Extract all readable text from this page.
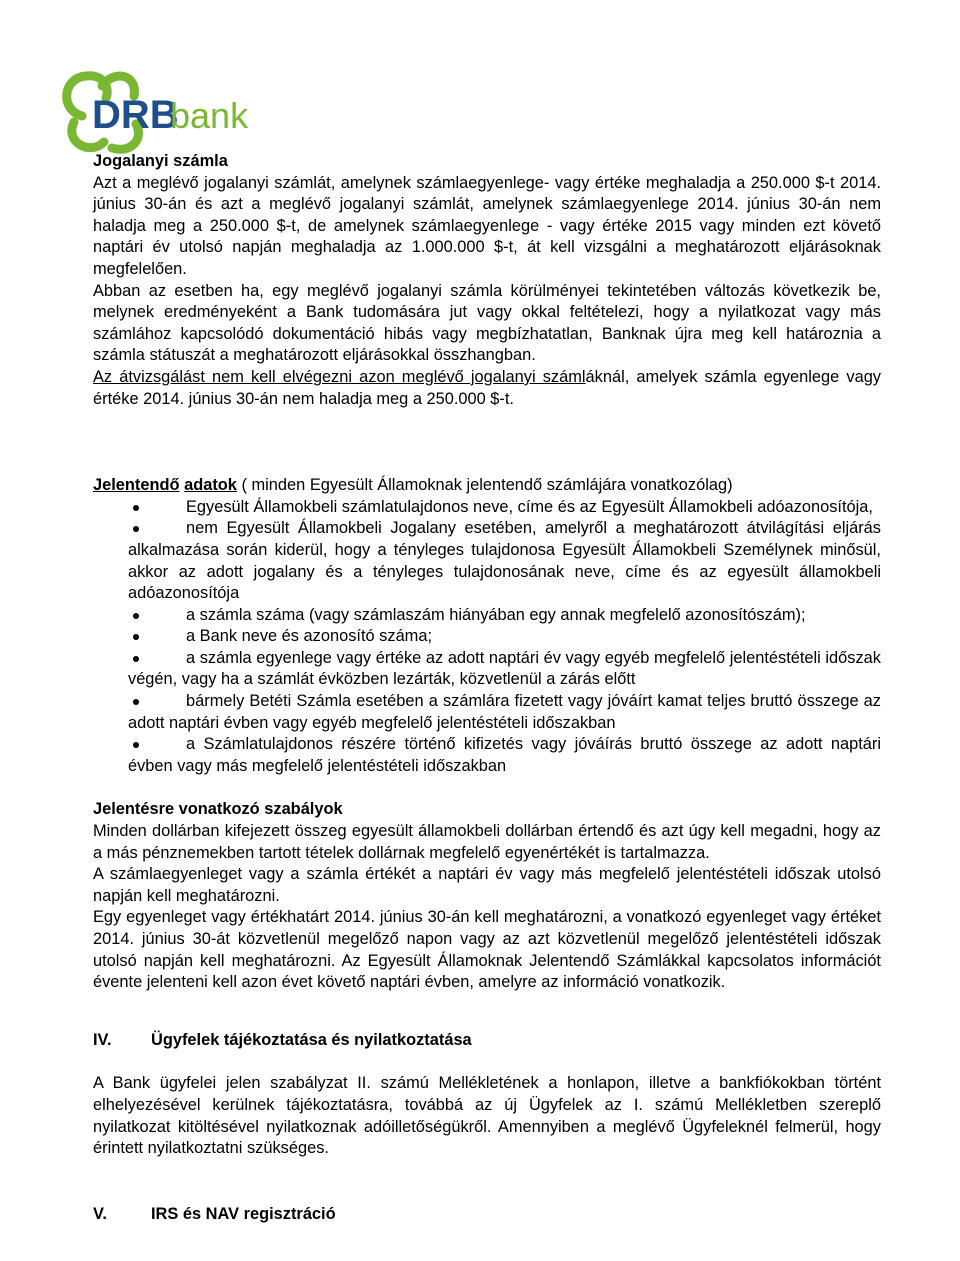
DRB
bank

Jogalanyi számla

Azt a meglévő jogalanyi számlát, amelynek számlaegyenlege- vagy értéke meghaladja a 250.000 $-t 2014. június 30-án és azt a meglévő jogalanyi számlát, amelynek számlaegyenlege 2014. június 30-án nem haladja meg a 250.000 $-t, de amelynek számlaegyenlege - vagy értéke 2015 vagy minden ezt követő naptári év utolsó napján meghaladja az 1.000.000 $-t, át kell vizsgálni a meghatározott eljárásoknak megfelelően.

Abban az esetben ha, egy meglévő jogalanyi számla körülményei tekintetében változás következik be, melynek eredményeként a Bank tudomására jut vagy okkal feltételezi, hogy a nyilatkozat vagy más számlához kapcsolódó dokumentáció hibás vagy megbízhatatlan, Banknak újra meg kell határoznia a számla státuszát a meghatározott eljárásokkal összhangban.

Az átvizsgálást nem kell elvégezni azon meglévő jogalanyi számláknál, amelyek számla egyenlege vagy értéke 2014. június 30-án nem haladja meg a 250.000 $-t.

Jelentendő adatok ( minden Egyesült Államoknak jelentendő számlájára vonatkozólag)

Egyesült Államokbeli számlatulajdonos neve, címe és az Egyesült Államokbeli adóazonosítója,
nem Egyesült Államokbeli Jogalany esetében, amelyről a meghatározott átvilágítási eljárás alkalmazása során kiderül, hogy a tényleges tulajdonosa Egyesült Államokbeli Személynek minősül, akkor az adott jogalany és a tényleges tulajdonosának neve, címe és az egyesült államokbeli adóazonosítója
a számla száma (vagy számlaszám hiányában egy annak megfelelő azonosítószám);
a Bank neve és azonosító száma;
a számla egyenlege vagy értéke az adott naptári év vagy egyéb megfelelő jelentéstételi időszak végén, vagy ha a számlát évközben lezárták, közvetlenül a zárás előtt
bármely Betéti Számla esetében a számlára fizetett vagy jóváírt kamat teljes bruttó összege az adott naptári évben vagy egyéb megfelelő jelentéstételi időszakban
a Számlatulajdonos részére történő kifizetés vagy jóváírás bruttó összege az adott naptári évben vagy más megfelelő jelentéstételi időszakban

Jelentésre vonatkozó szabályok

Minden dollárban kifejezett összeg egyesült államokbeli dollárban értendő és azt úgy kell megadni, hogy az a más pénznemekben tartott tételek dollárnak megfelelő egyenértékét is tartalmazza.

A számlaegyenleget vagy a számla értékét a naptári év vagy más megfelelő jelentéstételi időszak utolsó napján kell meghatározni.

Egy egyenleget vagy értékhatárt 2014. június 30-án kell meghatározni, a vonatkozó egyenleget vagy értéket 2014. június 30-át közvetlenül megelőző napon vagy az azt közvetlenül megelőző jelentéstételi időszak utolsó napján kell meghatározni. Az Egyesült Államoknak Jelentendő Számlákkal kapcsolatos információt évente jelenteni kell azon évet követő naptári évben, amelyre az információ vonatkozik.

IV.	Ügyfelek tájékoztatása és nyilatkoztatása

A Bank ügyfelei jelen szabályzat II. számú Mellékletének a honlapon, illetve a bankfiókokban történt elhelyezésével kerülnek tájékoztatásra, továbbá az új Ügyfelek az I. számú Mellékletben szereplő nyilatkozat kitöltésével nyilatkoznak adóilletőségükről. Amennyiben a meglévő Ügyfeleknél felmerül, hogy érintett nyilatkoztatni szükséges.

V.	IRS és NAV regisztráció
